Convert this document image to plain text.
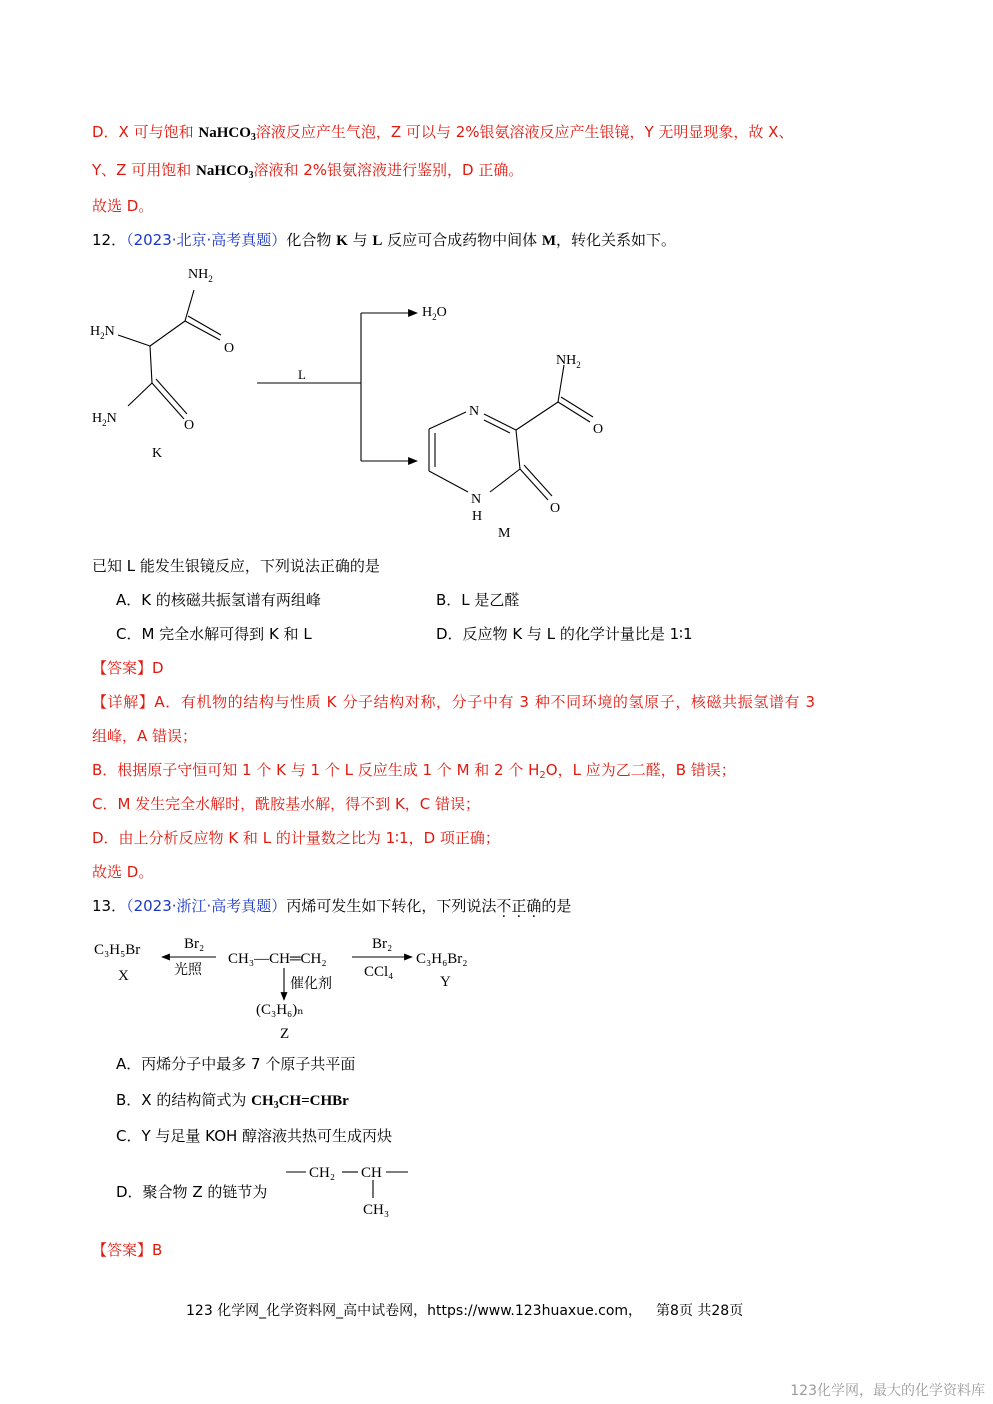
D．X 可与饱和 NaHCO$_3$溶液反应产生气泡，Z 可以与 2%银氨溶液反应产生银镜，Y 无明显现象，故 X、
Y、Z 可用饱和 NaHCO$_3$溶液和 2%银氨溶液进行鉴别，D 正确。
故选 D。
12．（2023·北京·高考真题）化合物 K 与 L 反应可合成药物中间体 M，转化关系如下。
$NH_2$
$H_2N$
O
$H_2N$	O
K
L
$H_2O$
$NH_2$
O
N
N
H
O
M
已知 L 能发生银镜反应，下列说法正确的是
A．K 的核磁共振氢谱有两组峰	B．L 是乙醛
C．M 完全水解可得到 K 和 L	D．反应物 K 与 L 的化学计量比是 1∶1
【答案】D
【详解】A．有机物的结构与性质 K 分子结构对称，分子中有 3 种不同环境的氢原子，核磁共振氢谱有 3
组峰，A 错误；
B．根据原子守恒可知 1 个 K 与 1 个 L 反应生成 1 个 M 和 2 个 $H_2O$，L 应为乙二醛，B 错误；
C．M 发生完全水解时，酰胺基水解，得不到 K，C 错误；
D．由上分析反应物 K 和 L 的计量数之比为 1∶1，D 项正确；
故选 D。
13．（2023·浙江·高考真题）丙烯可发生如下转化，下列说法不正确的是
C₃H₅Br
X
Br₂
光照
CH₃—CH═CH₂
Br₂
CCl₄
C₃H₆Br₂
Y
催化剂
(C₃H₆)ₙ
Z
A．丙烯分子中最多 7 个原子共平面
B．X 的结构简式为 $CH_3CH=CHBr$
C．Y 与足量 KOH 醇溶液共热可生成丙炔
D．聚合物 Z 的链节为
CH₂ CH
CH₃
【答案】B
123 化学网_化学资料网_高中试卷网，https://www.123huaxue.com， 第8页 共28页
123化学网，最大的化学资料库
